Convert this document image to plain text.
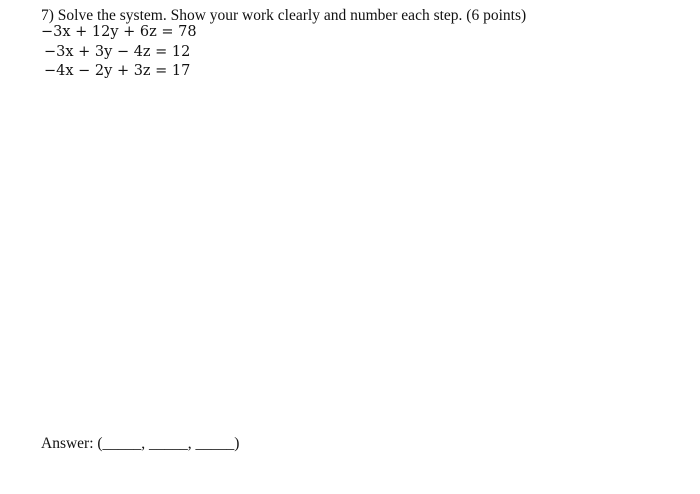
7) Solve the system. Show your work clearly and number each step. (6 points)
−3x + 12y + 6z = 78
−3x + 3y − 4z = 12
−4x − 2y + 3z = 17
Answer: (_____, _____, _____)
